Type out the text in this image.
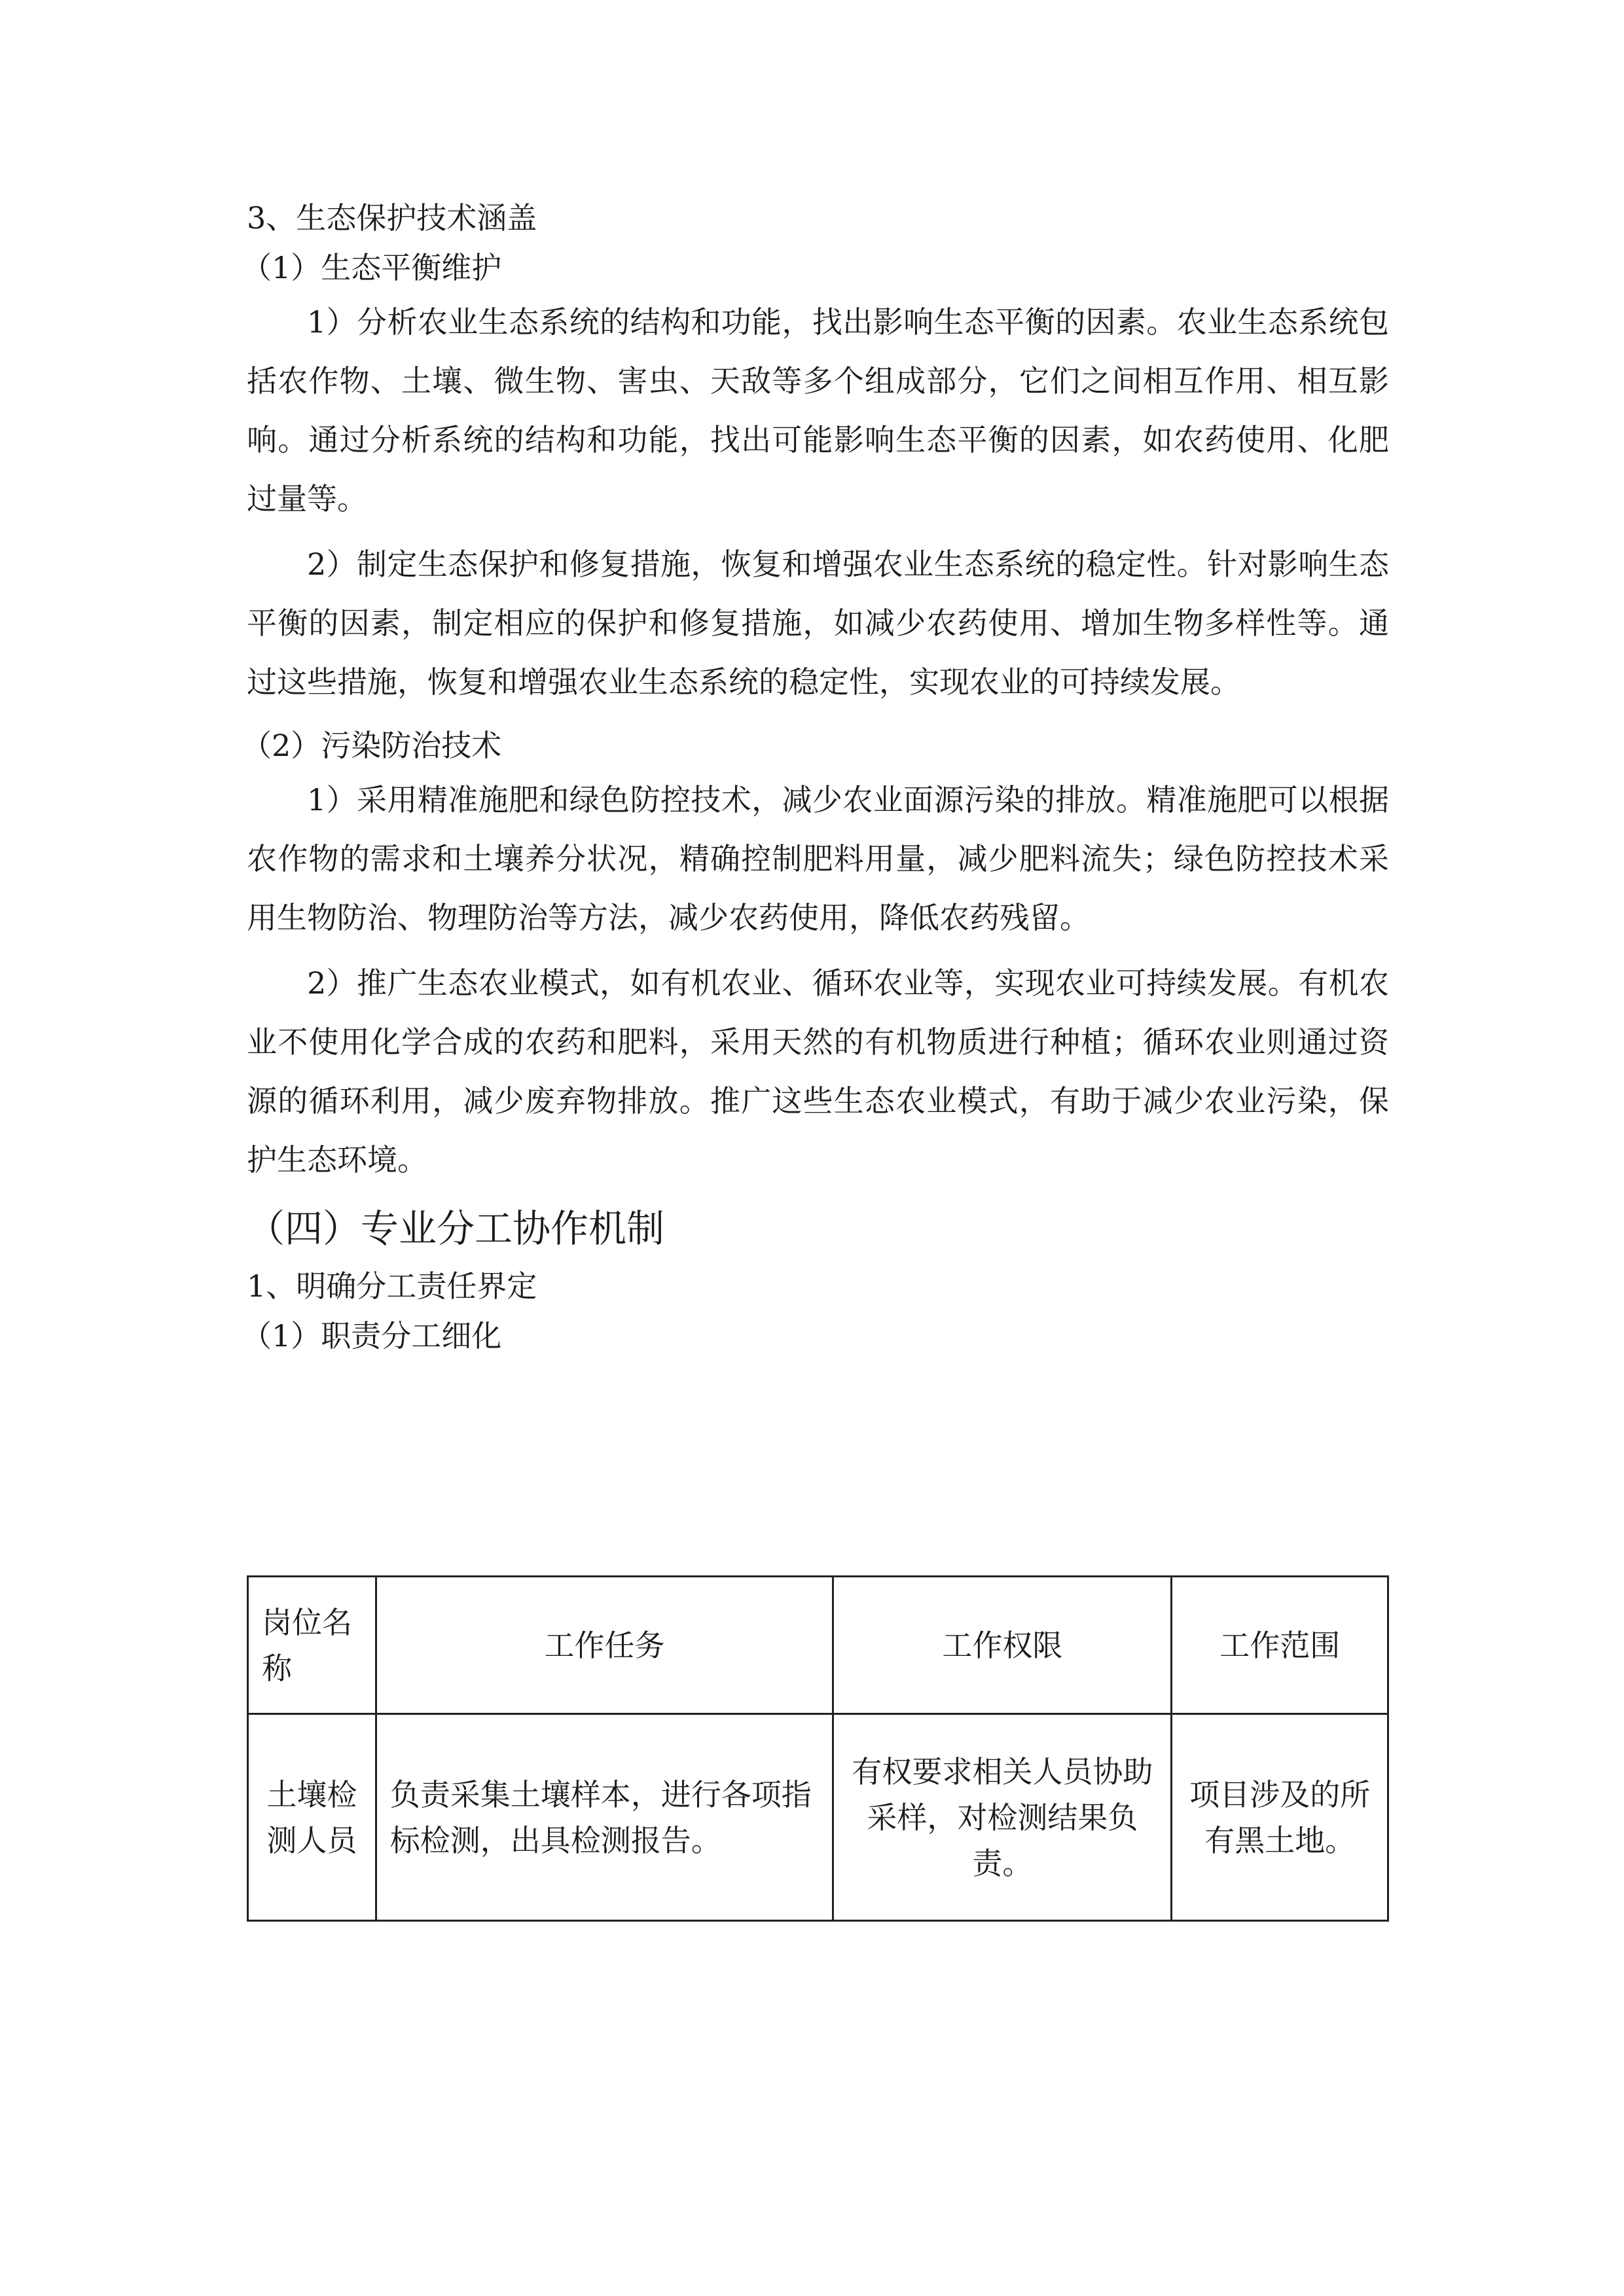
3、生态保护技术涵盖
（1）生态平衡维护

1）分析农业生态系统的结构和功能，找出影响生态平衡的因素。农业生态系统包括农作物、土壤、微生物、害虫、天敌等多个组成部分，它们之间相互作用、相互影响。通过分析系统的结构和功能，找出可能影响生态平衡的因素，如农药使用、化肥过量等。

2）制定生态保护和修复措施，恢复和增强农业生态系统的稳定性。针对影响生态平衡的因素，制定相应的保护和修复措施，如减少农药使用、增加生物多样性等。通过这些措施，恢复和增强农业生态系统的稳定性，实现农业的可持续发展。

（2）污染防治技术

1）采用精准施肥和绿色防控技术，减少农业面源污染的排放。精准施肥可以根据农作物的需求和土壤养分状况，精确控制肥料用量，减少肥料流失；绿色防控技术采用生物防治、物理防治等方法，减少农药使用，降低农药残留。

2）推广生态农业模式，如有机农业、循环农业等，实现农业可持续发展。有机农业不使用化学合成的农药和肥料，采用天然的有机物质进行种植；循环农业则通过资源的循环利用，减少废弃物排放。推广这些生态农业模式，有助于减少农业污染，保护生态环境。

（四）专业分工协作机制
1、明确分工责任界定
（1）职责分工细化
岗位名称	工作任务	工作权限	工作范围
土壤检测人员	负责采集土壤样本，进行各项指标检测，出具检测报告。	有权要求相关人员协助采样，对检测结果负责。	项目涉及的所有黑土地。
